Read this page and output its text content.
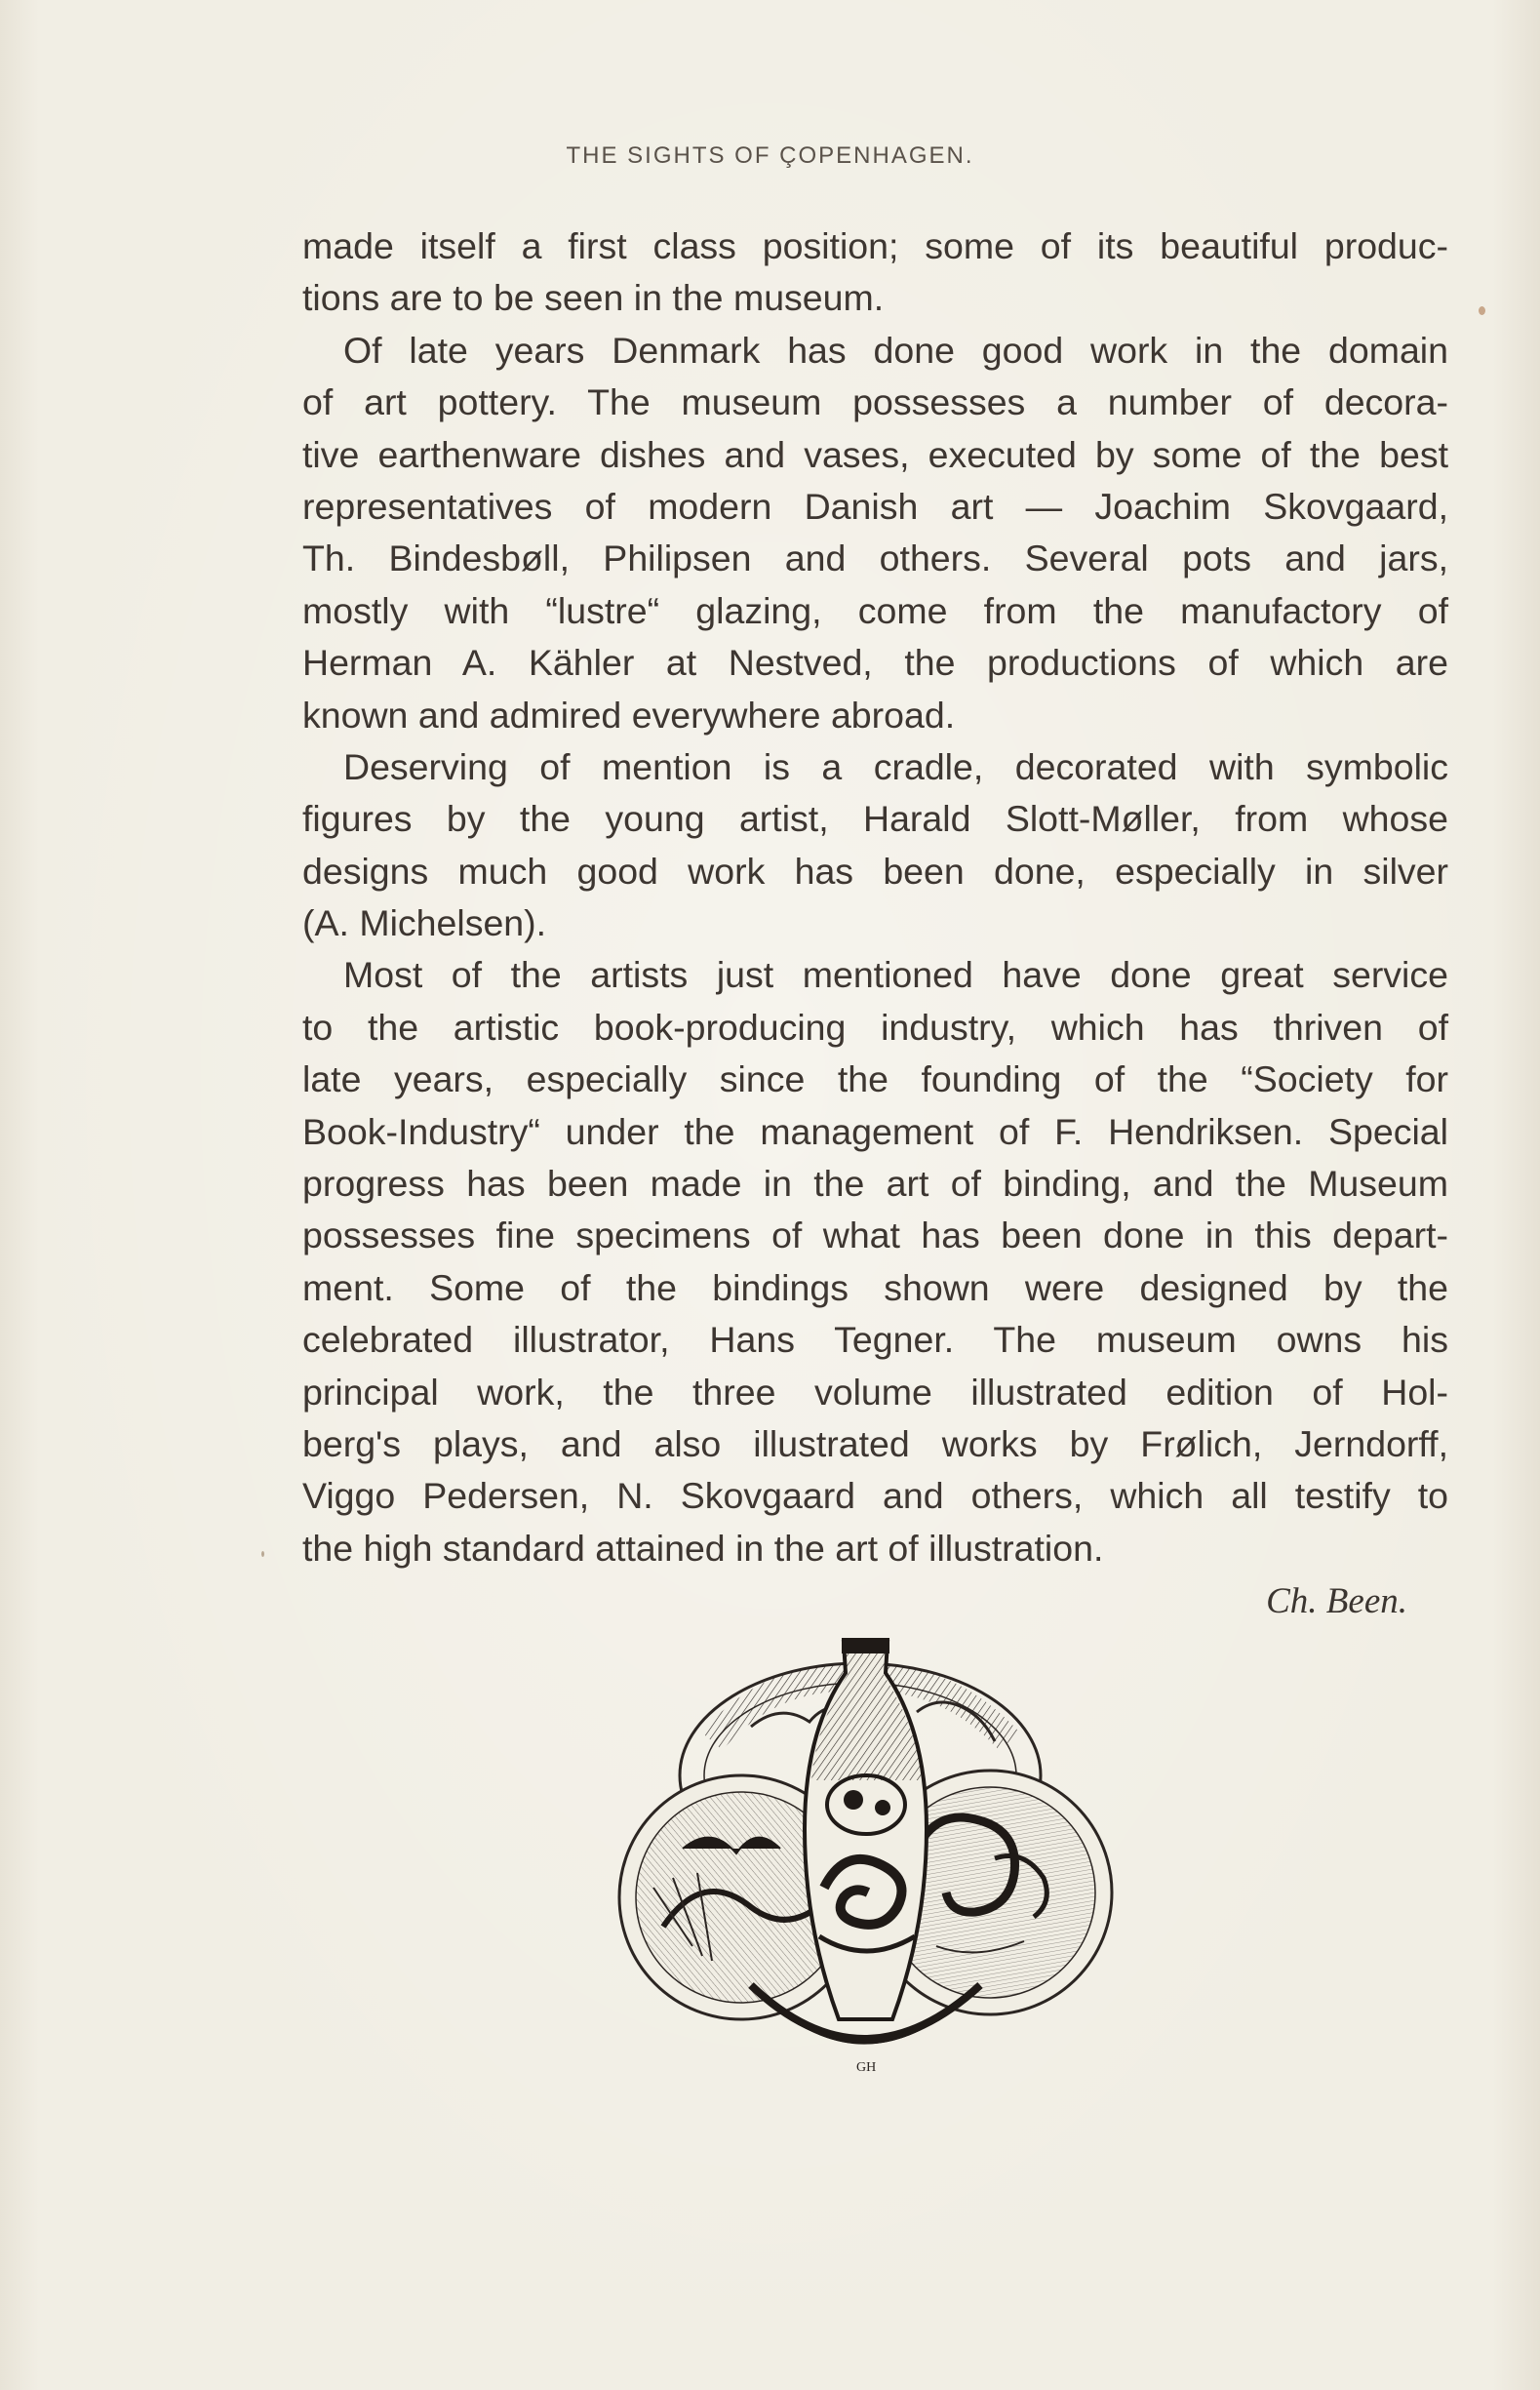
THE SIGHTS OF ÇOPENHAGEN.
made itself a first class position; some of its beautiful produc-
tions are to be seen in the museum.
Of late years Denmark has done good work in the domain
of art pottery. The museum possesses a number of decora-
tive earthenware dishes and vases, executed by some of the best
representatives of modern Danish art — Joachim Skovgaard,
Th. Bindesbøll, Philipsen and others. Several pots and jars,
mostly with “lustre“ glazing, come from the manufactory of
Herman A. Kähler at Nestved, the productions of which are
known and admired everywhere abroad.
Deserving of mention is a cradle, decorated with symbolic
figures by the young artist, Harald Slott-Møller, from whose
designs much good work has been done, especially in silver
(A. Michelsen).
Most of the artists just mentioned have done great service
to the artistic book-producing industry, which has thriven of
late years, especially since the founding of the “Society for
Book-Industry“ under the management of F. Hendriksen. Special
progress has been made in the art of binding, and the Museum
possesses fine specimens of what has been done in this depart-
ment. Some of the bindings shown were designed by the
celebrated illustrator, Hans Tegner. The museum owns his
principal work, the three volume illustrated edition of Hol-
berg's plays, and also illustrated works by Frølich, Jerndorff,
Viggo Pedersen, N. Skovgaard and others, which all testify to
the high standard attained in the art of illustration.
Ch. Been.
GH
